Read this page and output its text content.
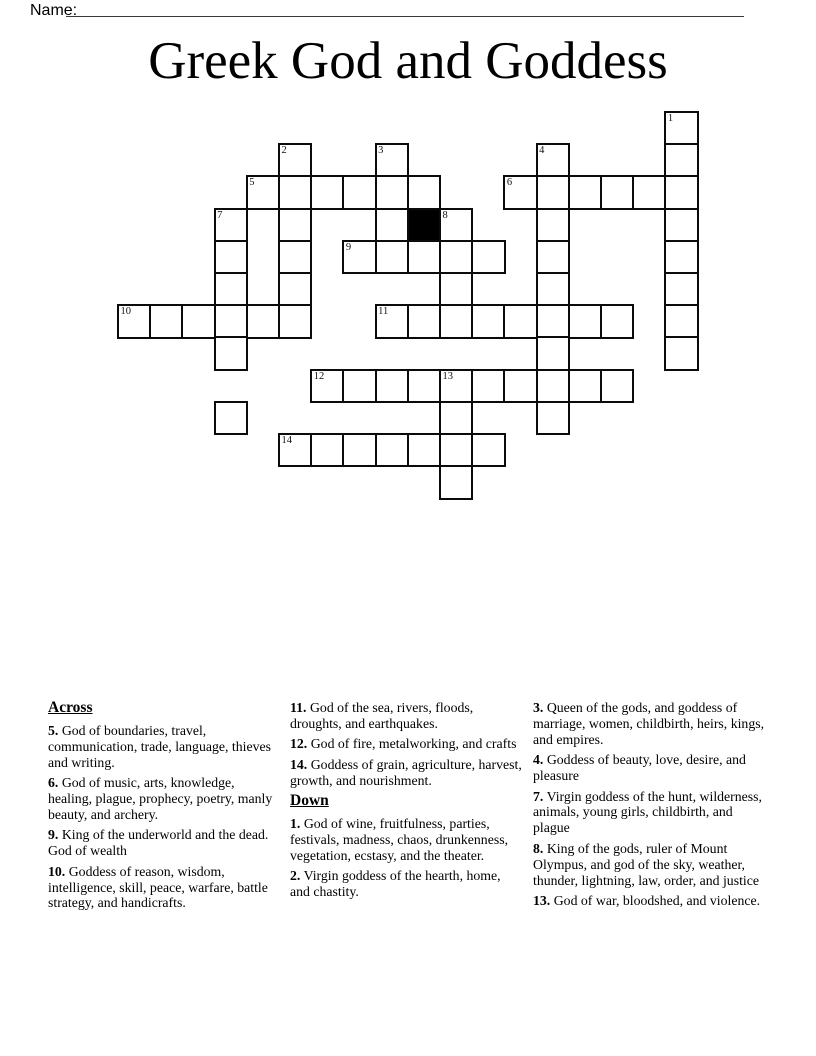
Name:
Greek God and Goddess
1
2	3	4
5	6
7	8
9
10	11
12	13
14

Across

5. God of boundaries, travel, communication, trade, language, thieves and writing.

6. God of music, arts, knowledge, healing, plague, prophecy, poetry, manly beauty, and archery.

9. King of the underworld and the dead. God of wealth

10. Goddess of reason, wisdom, intelligence, skill, peace, warfare, battle strategy, and handicrafts.

11. God of the sea, rivers, floods, droughts, and earthquakes.

12. God of fire, metalworking, and crafts

14. Goddess of grain, agriculture, harvest, growth, and nourishment.

Down

1. God of wine, fruitfulness, parties, festivals, madness, chaos, drunkenness, vegetation, ecstasy, and the theater.

2. Virgin goddess of the hearth, home, and chastity.

3. Queen of the gods, and goddess of marriage, women, childbirth, heirs, kings, and empires.

4. Goddess of beauty, love, desire, and pleasure

7. Virgin goddess of the hunt, wilderness, animals, young girls, childbirth, and plague

8. King of the gods, ruler of Mount Olympus, and god of the sky, weather, thunder, lightning, law, order, and justice

13. God of war, bloodshed, and violence.
